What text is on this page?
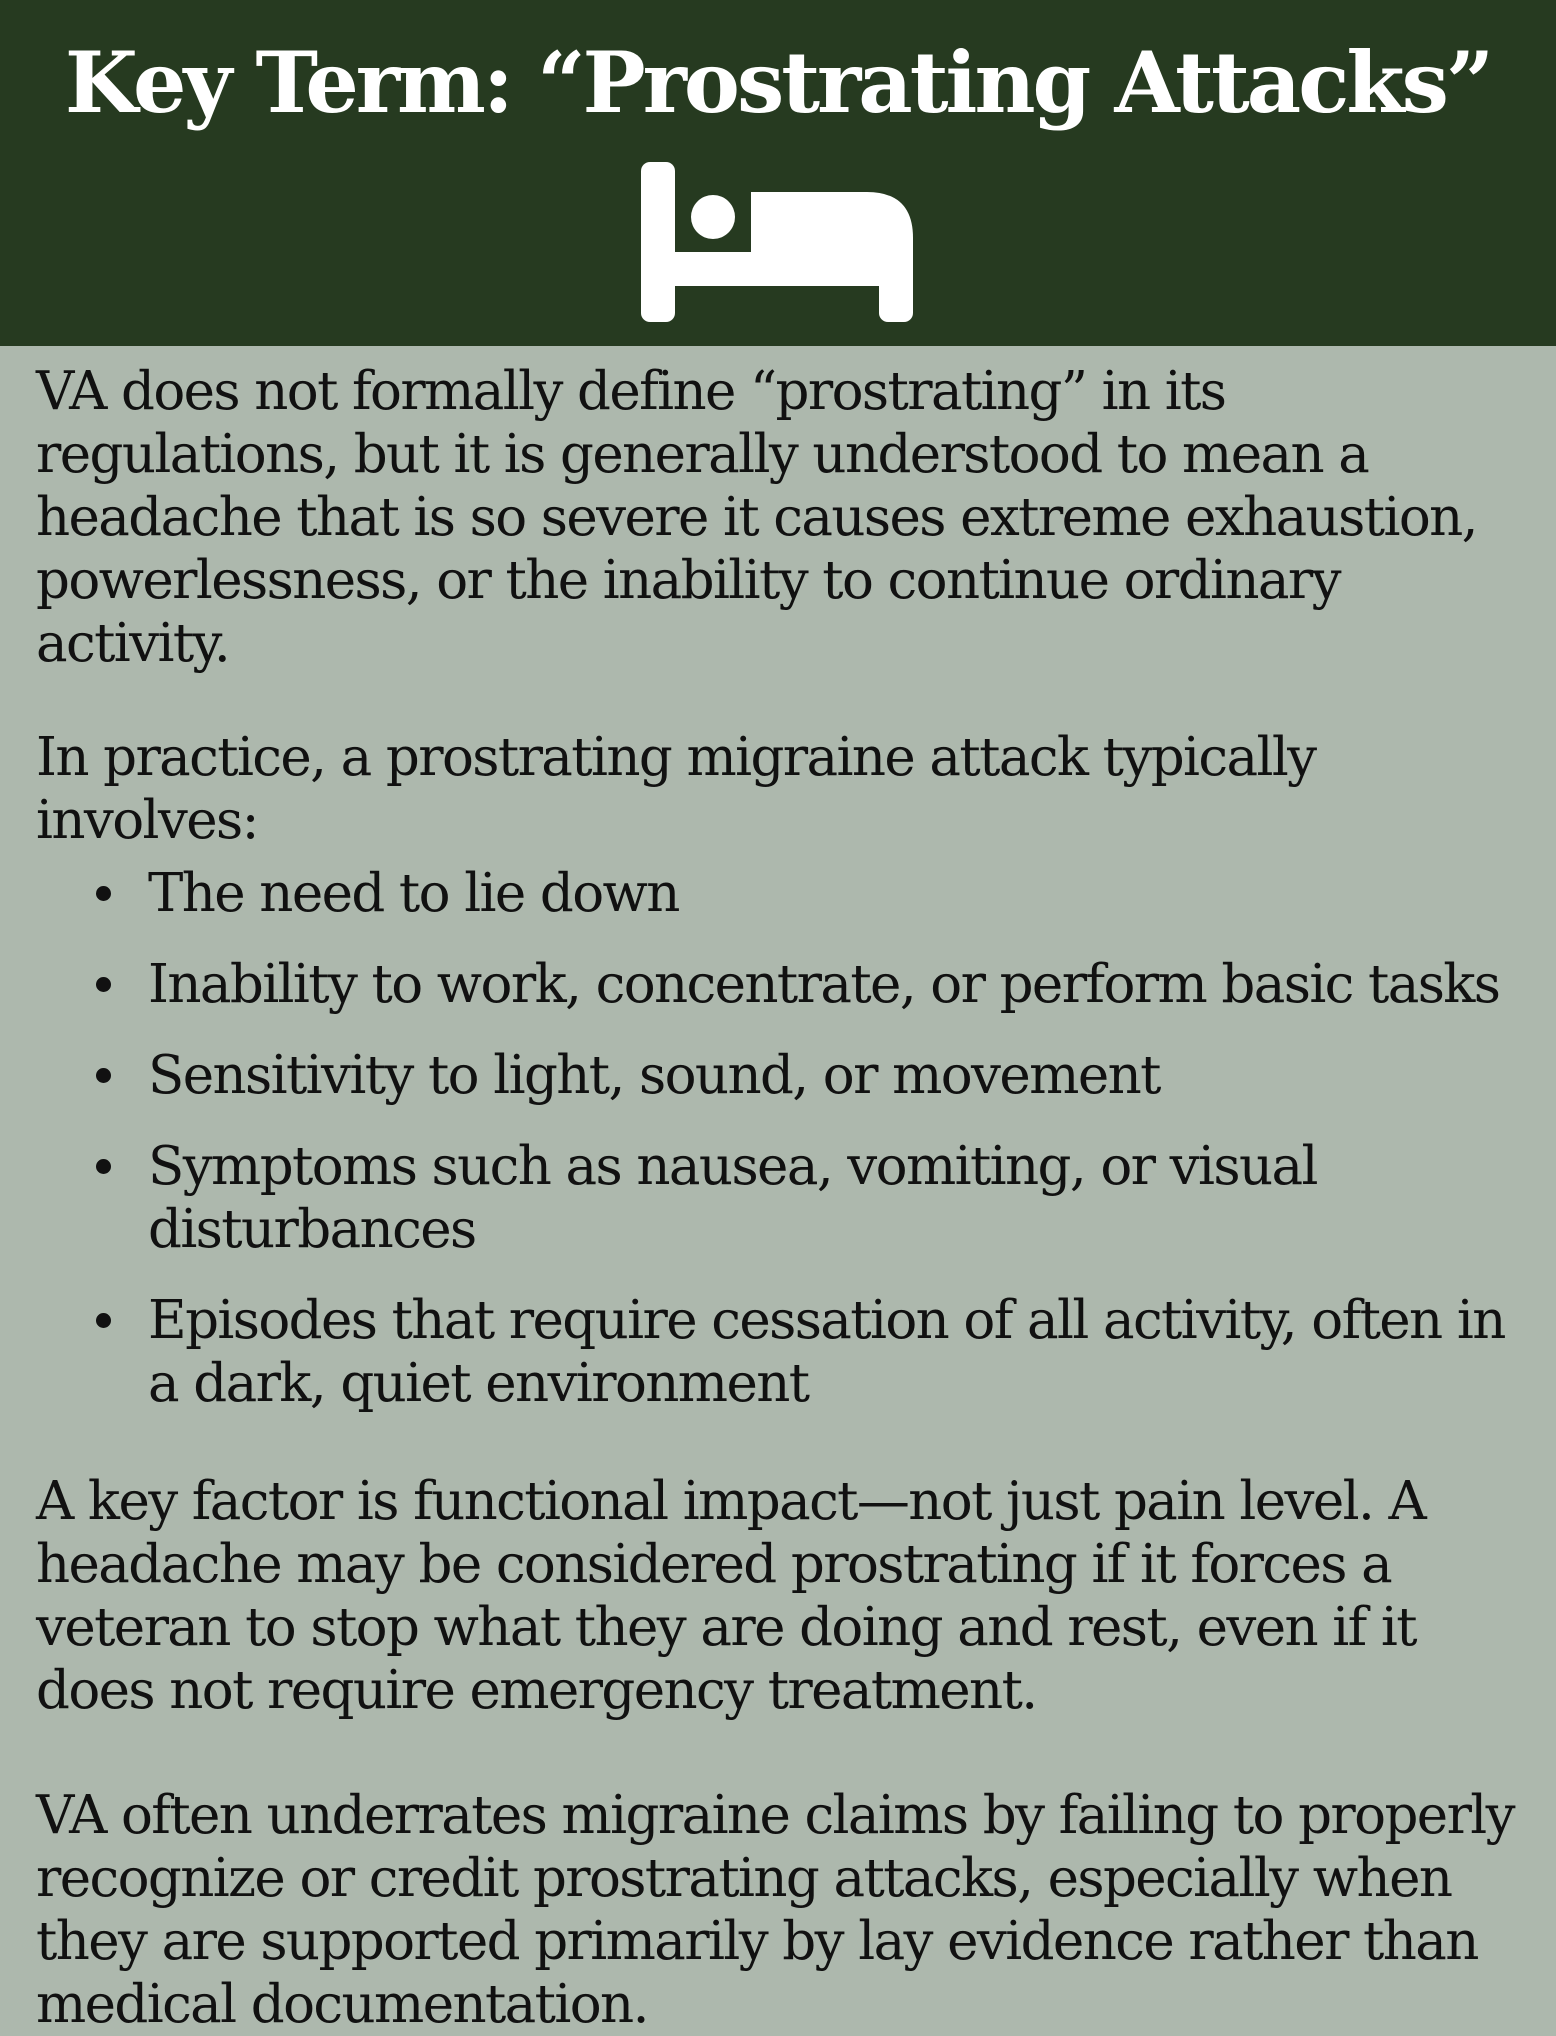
Key Term: “Prostrating Attacks”

VA does not formally define “prostrating” in its regulations, but it is generally understood to mean a headache that is so severe it causes extreme exhaustion, powerlessness, or the inability to continue ordinary activity.

In practice, a prostrating migraine attack typically involves:

The need to lie down
Inability to work, concentrate, or perform basic tasks
Sensitivity to light, sound, or movement
Symptoms such as nausea, vomiting, or visual disturbances
Episodes that require cessation of all activity, often in a dark, quiet environment

A key factor is functional impact—not just pain level. A headache may be considered prostrating if it forces a veteran to stop what they are doing and rest, even if it does not require emergency treatment.

VA often underrates migraine claims by failing to properly recognize or credit prostrating attacks, especially when they are supported primarily by lay evidence rather than medical documentation.
